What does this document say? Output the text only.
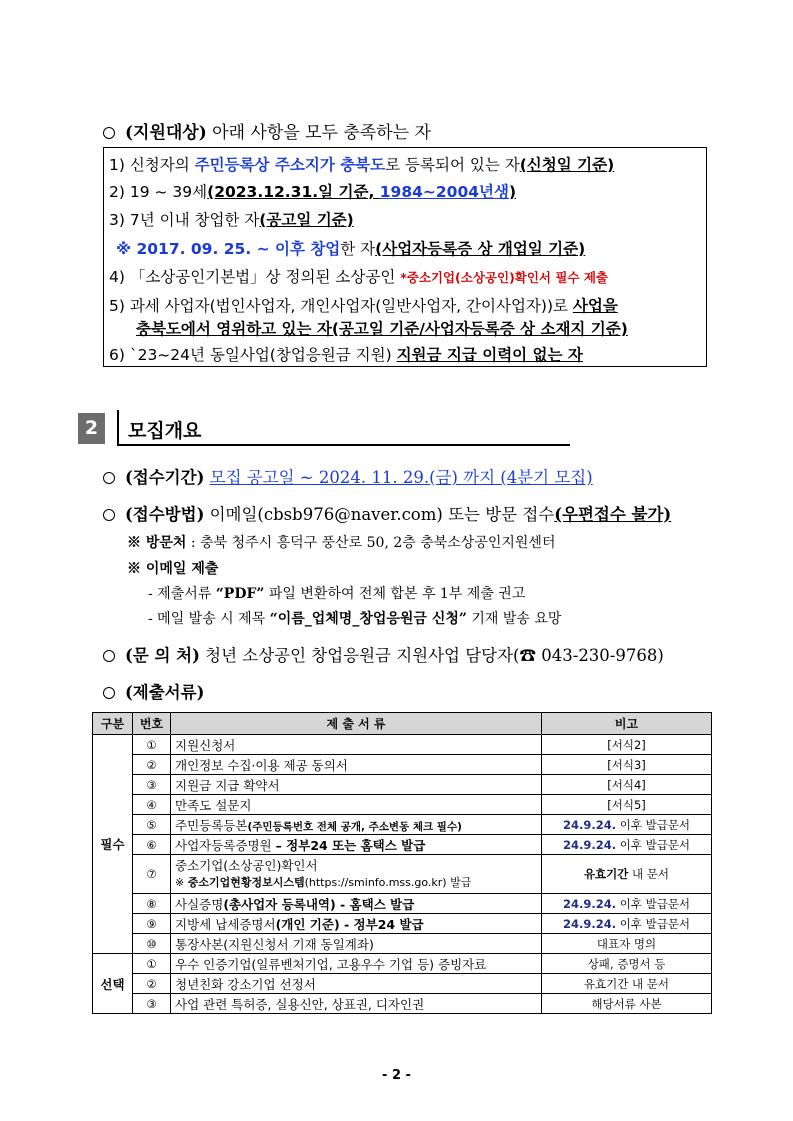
(지원대상) 아래 사항을 모두 충족하는 자
1) 신청자의 주민등록상 주소지가 충북도로 등록되어 있는 자(신청일 기준)
2) 19 ~ 39세(2023.12.31.일 기준, 1984~2004년생)
3) 7년 이내 창업한 자(공고일 기준)
※ 2017. 09. 25. ~ 이후 창업한 자(사업자등록증 상 개업일 기준)
4) 「소상공인기본법」상 정의된 소상공인 *중소기업(소상공인)확인서 필수 제출
5) 과세 사업자(법인사업자, 개인사업자(일반사업자, 간이사업자))로 사업을
충북도에서 영위하고 있는 자(공고일 기준/사업자등록증 상 소재지 기준)
6) `23~24년 동일사업(창업응원금 지원) 지원금 지급 이력이 없는 자
2	모집개요
(접수기간) 모집 공고일 ~ 2024. 11. 29.(금) 까지 (4분기 모집)
(접수방법) 이메일(cbsb976@naver.com) 또는 방문 접수(우편접수 불가)
※ 방문처 : 충북 청주시 흥덕구 풍산로 50, 2층 충북소상공인지원센터
※ 이메일 제출
- 제출서류 “PDF” 파일 변환하여 전체 합본 후 1부 제출 권고
- 메일 발송 시 제목 “이름_업체명_창업응원금 신청” 기재 발송 요망
(문 의 처) 청년 소상공인 창업응원금 지원사업 담당자(☎ 043-230-9768)
(제출서류)
구분	번호	제 출 서 류	비고
필수	①	지원신청서	[서식2]
	②	개인정보 수집·이용 제공 동의서	[서식3]
	③	지원금 지급 확약서	[서식4]
	④	만족도 설문지	[서식5]
	⑤	주민등록등본(주민등록번호 전체 공개, 주소변동 체크 필수)	24.9.24. 이후 발급문서
	⑥	사업자등록증명원 – 정부24 또는 홈택스 발급	24.9.24. 이후 발급문서
	⑦	중소기업(소상공인)확인서
※ 중소기업현황정보시스템(https://sminfo.mss.go.kr) 발급	유효기간 내 문서
	⑧	사실증명(총사업자 등록내역) - 홈택스 발급	24.9.24. 이후 발급문서
	⑨	지방세 납세증명서(개인 기준) - 정부24 발급	24.9.24. 이후 발급문서
	⑩	통장사본(지원신청서 기재 동일계좌)	대표자 명의
선택	①	우수 인증기업(일류벤처기업, 고용우수 기업 등) 증빙자료	상패, 증명서 등
	②	청년친화 강소기업 선정서	유효기간 내 문서
	③	사업 관련 특허증, 실용신안, 상표권, 디자인권	해당서류 사본
- 2 -
